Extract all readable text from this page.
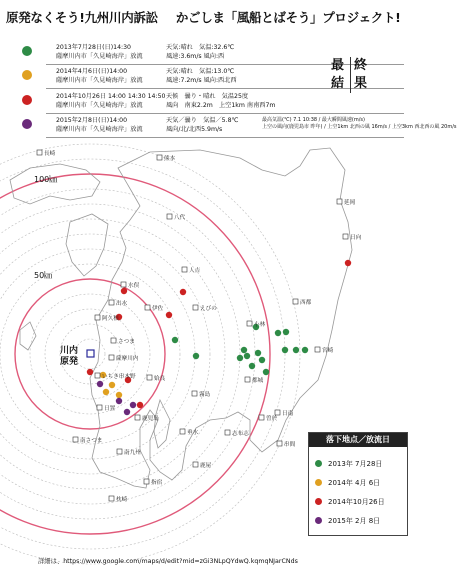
原発なくそう!九州川内訴訟 かごしま「風船とばそう」プロジェクト!
2013年7月28日(日)14:30
薩摩川内市「久見崎海岸」放流
天気:晴れ　気温:32.6℃
風速:3.6m/s 風向:西
2014年4月6日(日)14:00
薩摩川内市「久見崎海岸」放流
天気:晴れ　気温:13.0℃
風速:7.2m/s 風向:西北西
2014年10月26日 14:00 14:30 14:50
薩摩川内市「久見崎海岸」放流
天候　曇り・晴れ　気温25度
風向　南東2.2m　上空1km 南南西7m
2015年2月8日(日)14:00
薩摩川内市「久見崎海岸」放流
天気／曇り　気温／5.8℃
風向/北/北西5.9m/s
最高気温(℃) 7.1 10:38 / 最大瞬間風速(m/s)
上空の風向(鹿児島市 昨年) / 上空1km 北西の風 16m/s / 上空3km 西北西の風 20m/s
最
結
終
果
長崎
熊本
八代
人吉
水俣
出水
阿久根
伊佐	えびの
さつま
薩摩川内
いちき串木野	姶良
霧島
鹿児島
日置
南さつま
南九州
枕崎
指宿
垂水
鹿屋
志布志
曽於
都城
小林
西都
宮崎
日南
串間
延岡
日向
川内
原発
100㎞
50㎞
落下地点／放流日
2013年 7月28日
2014年 4月 6日
2014年10月26日
2015年 2月 8日
詳細は、https://www.google.com/maps/d/edit?mid=zGi3NLpQYdwQ.kqmqNJarCNds
